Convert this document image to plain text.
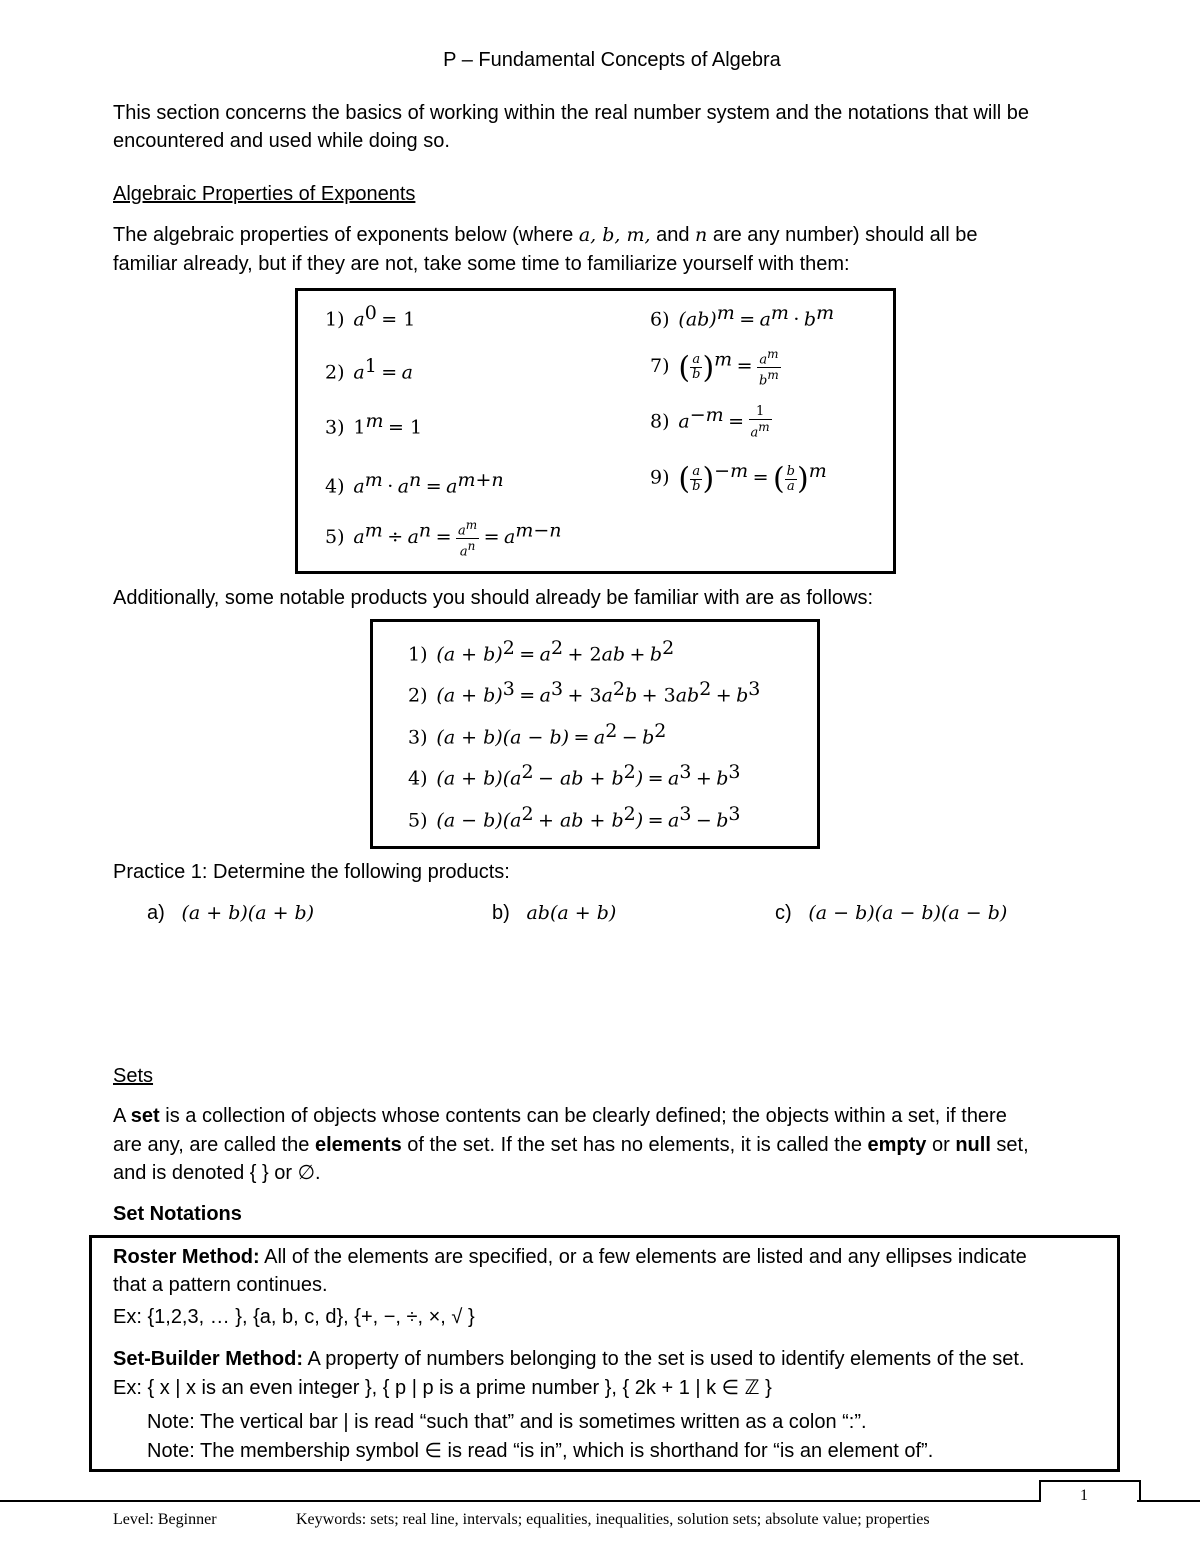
P – Fundamental Concepts of Algebra
This section concerns the basics of working within the real number system and the notations that will be
encountered and used while doing so.
Algebraic Properties of Exponents
The algebraic properties of exponents below (where a, b, m, and n are any number) should all be
familiar already, but if they are not, take some time to familiarize yourself with them:
1) $a^0 = 1$
2) $a^1 = a$
3) $1^m = 1$
4) $a^m \cdot a^n = a^{m+n}$
5) $a^m \div a^n = \frac{a^m}{a^n} = a^{m-n}$
6) $(ab)^m = a^m \cdot b^m$
7) ( $\frac{a}{b} )^m = \frac{a^m}{b^m}$
8) $a^{-m} = \frac{1}{a^m}$
9) ( $\frac{a}{b} )^{-m}$ = ( $\frac{b}{a} )^m$
Additionally, some notable products you should already be familiar with are as follows:
1) $(a + b)^2 = a^2 + 2ab + b^2$
2) $(a + b)^3 = a^3 + 3a^2b + 3ab^2 + b^3$
3) $(a + b)(a - b) = a^2 - b^2$
4) $(a + b)(a^2$ − ab + $b^2) = a^3 + b^3$
5) $(a - b)(a^2$ + ab + $b^2) = a^3 - b^3$
Practice 1: Determine the following products:
a) (a + b)(a + b)	b) ab(a + b)	c) (a − b)(a − b)(a − b)
Sets
A set is a collection of objects whose contents can be clearly defined; the objects within a set, if there
are any, are called the elements of the set. If the set has no elements, it is called the empty or null set,
and is denoted { } or ∅.
Set Notations
Roster Method: All of the elements are specified, or a few elements are listed and any ellipses indicate
that a pattern continues.
Ex: {1,2,3, … }, {a, b, c, d}, {+, −, ÷, ×, √ }
Set-Builder Method: A property of numbers belonging to the set is used to identify elements of the set.
Ex: { x | x is an even integer }, { p | p is a prime number }, { 2k + 1 | k ∈ ℤ }
Note: The vertical bar | is read “such that” and is sometimes written as a colon “:”.
Note: The membership symbol ∈ is read “is in”, which is shorthand for “is an element of”.
1
Level: Beginner	Keywords: sets; real line, intervals; equalities, inequalities, solution sets; absolute value; properties
